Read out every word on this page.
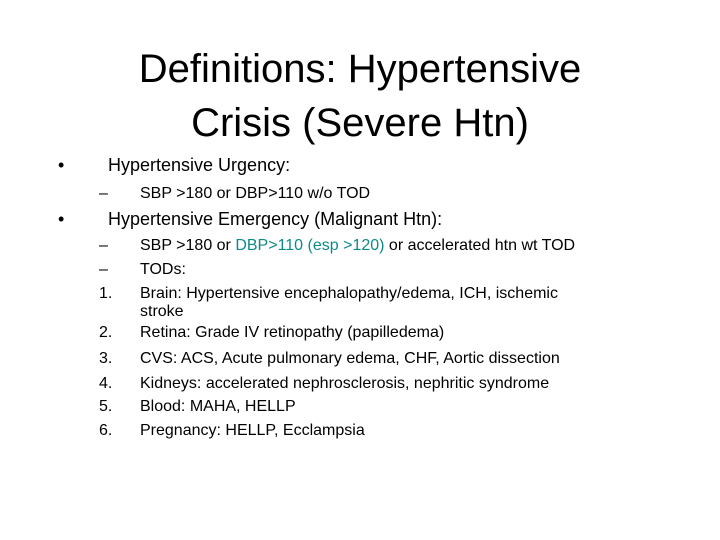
Definitions: Hypertensive
Crisis (Severe Htn)
• Hypertensive Urgency:
– SBP >180 or DBP>110 w/o TOD
• Hypertensive Emergency (Malignant Htn):
– SBP >180 or DBP>110 (esp >120) or accelerated htn wt TOD
– TODs:
1. Brain: Hypertensive encephalopathy/edema, ICH, ischemic
stroke
2. Retina: Grade IV retinopathy (papilledema)
3. CVS: ACS, Acute pulmonary edema, CHF, Aortic dissection
4. Kidneys: accelerated nephrosclerosis, nephritic syndrome
5. Blood: MAHA, HELLP
6. Pregnancy: HELLP, Ecclampsia
